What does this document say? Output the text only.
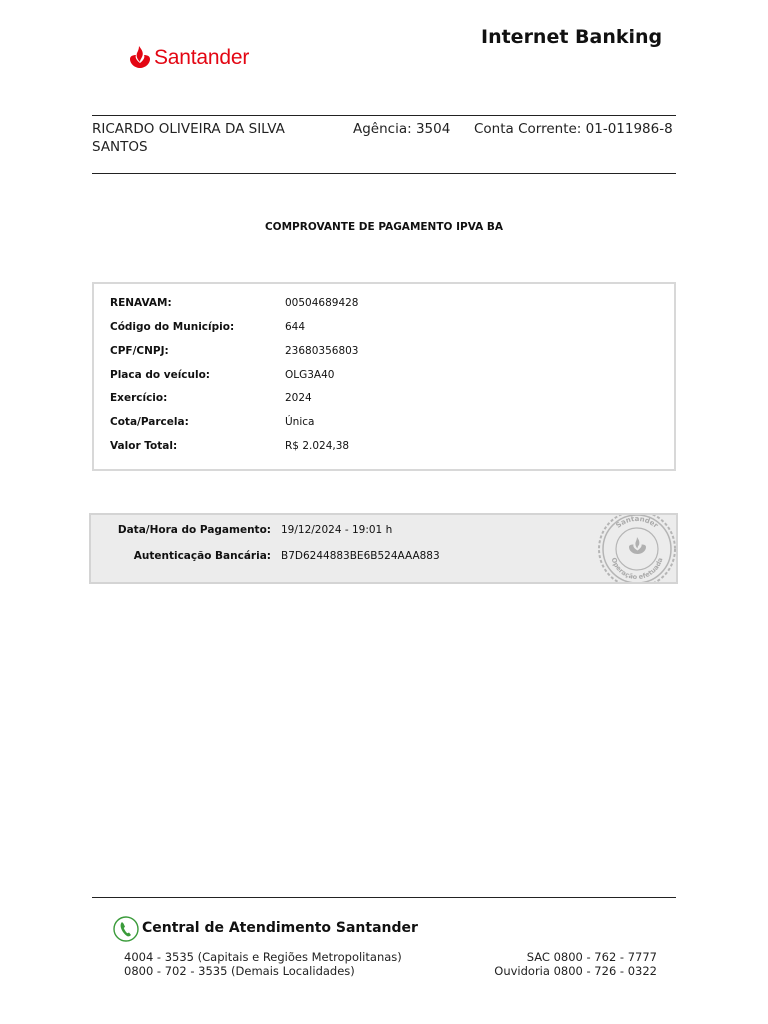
Santander
Internet Banking
RICARDO OLIVEIRA DA SILVA SANTOS
Agência: 3504 Conta Corrente: 01-011986-8
COMPROVANTE DE PAGAMENTO IPVA BA
RENAVAM:	00504689428
Código do Município:	644
CPF/CNPJ:	23680356803
Placa do veículo:	OLG3A40
Exercício:	2024
Cota/Parcela:	Única
Valor Total:	R$ 2.024,38
Data/Hora do Pagamento: 19/12/2024 - 19:01 h
Autenticação Bancária: B7D6244883BE6B524AAA883
Santander
Operação efetuada
Central de Atendimento Santander
4004 - 3535 (Capitais e Regiões Metropolitanas)
0800 - 702 - 3535 (Demais Localidades)
SAC 0800 - 762 - 7777
Ouvidoria 0800 - 726 - 0322
